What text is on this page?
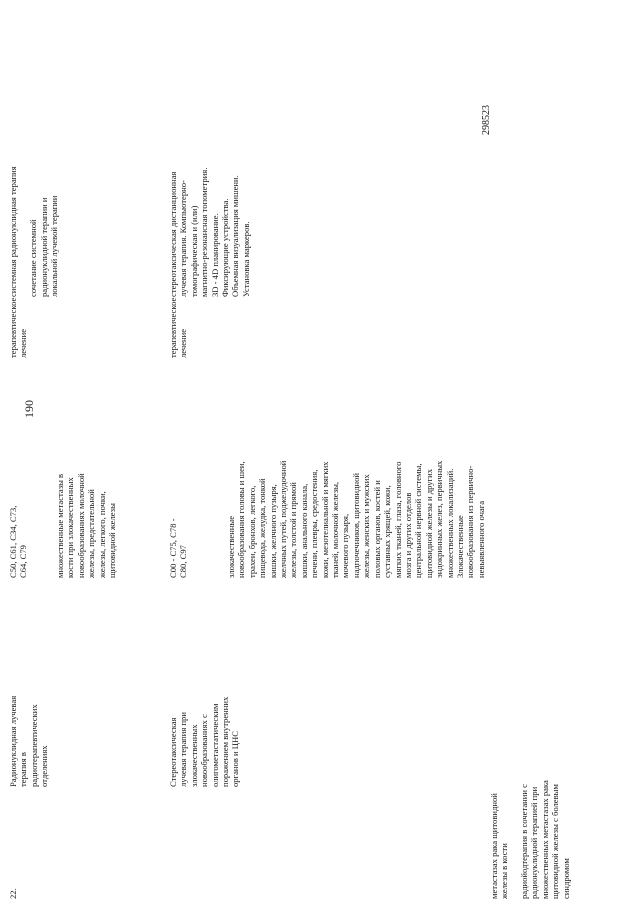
190

метастазах рака щитовидной железы в кости радиойодтерапия в сочетании с радионуклидной терапией при множественных метастазах рака щитовидной железы с болевым синдромом

Стереотаксическая лучевая терапия при злокачественных новообразованиях с олигометастатическим поражением внутренних органов и ЦНС

C00 - C75, C78 - C80, C97	злокачественные новообразования головы и шеи, трахеи, бронхов, легкого, пищевода, желудка, тонкой кишки, желчного пузыря, желчных путей, поджелудочной железы, толстой и прямой кишки, анального канала, печени, плевры, средостения, кожи, мезотелиальной и мягких тканей, молочной железы, мочевого пузыря, надпочечников, щитовидной железы, женских и мужских половых органов, костей и суставных хрящей, кожи, мягких тканей, глаза, головного мозга и других отделов центральной нервной системы, щитовидной железы и других эндокринных желез, первичных множественных локализаций. Злокачественные новообразования из первично- невыявленного очага

терапевтическое лечение

стереотаксическая дистанционная лучевая терапия. Компьютерно- томографическая и (или) магнитно-резонансная топометрия. 3D - 4D планирование. Фиксирующие устройства. Объемная визуализация мишени. Установка маркеров.

22.

Радионуклидная лучевая терапия в радиотерапевтических отделениях

C50, C61, C34, C73, C64, C79	множественные метастазы в кости при злокачественных новообразованиях молочной железы, предстательной железы, легкого, почки, щитовидной железы

терапевтическое лечение

системная радионуклидная терапия сочетание системной радионуклидной терапии и локальной лучевой терапии

298523
